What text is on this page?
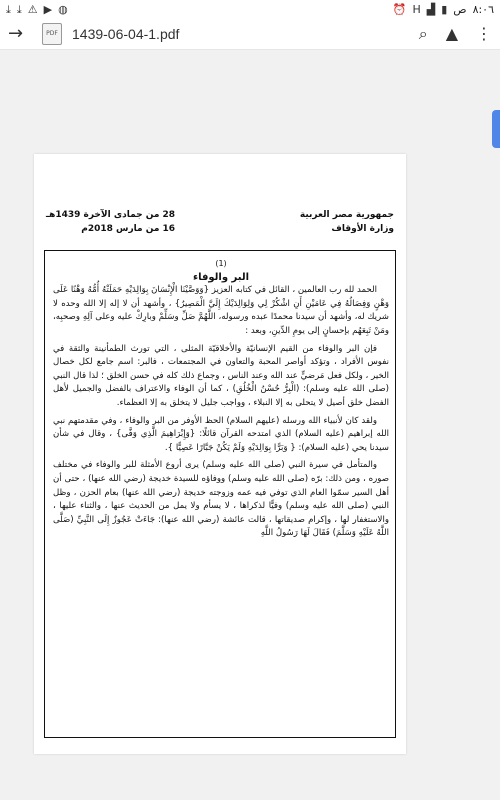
⤓ ⤓ ⚠ ▶ ◍	⏰ H ▟ ▮ ص ٨:٠٦
→	PDF 1439-06-04-1.pdf	⌕ ▲ ⋮
جمهورية مصر العربية
وزارة الأوقاف
28 من جمادى الآخرة 1439هـ
16 من مارس 2018م
(1)
البر والوفاء

الحمد لله رب العالمين ، القائل في كتابه العزيز {وَوَصَّيْنَا الْإِنْسَانَ بِوَالِدَيْهِ حَمَلَتْهُ أُمُّهُ وَهْنًا عَلَى وَهْنٍ وَفِصَالُهُ فِي عَامَيْنِ أَنِ اشْكُرْ لِي وَلِوَالِدَيْكَ إِلَيَّ الْمَصِيرُ} ، وأشهد أن لا إله إلا الله وحده لا شريك له، وأشهد أن سيدنا محمدًا عبده ورسوله، اللَّهُمَّ صَلِّ وسَلِّمْ وبارِكْ عليه وعلى آلِهِ وصحبِه، ومَنْ تَبِعَهُم بإحسانٍ إلى يومِ الدِّينِ، وبعد :

فإن البر والوفاء من القيم الإنسانيّة والأخلاقيّة المثلى ، التي تورث الطمأنينة والثقة في نفوس الأفراد ، وتؤكد أواصر المحبة والتعاون في المجتمعات ، فالبر: اسم جامع لكل خصال الخير ، ولكل فعل مَرضيٍّ عند الله وعند الناس ، وجماع ذلك كله في حسن الخلق ؛ لذا قال النبي (صلى الله عليه وسلم): (الْبِرُّ حُسْنُ الْخُلُقِ) ، كما أن الوفاء والاعتراف بالفضل والجميل لأهل الفضل خلق أصيل لا يتحلى به إلا النبلاء ، وواجب جليل لا يتخلق به إلا العظماء.

ولقد كان لأنبياء الله ورسله (عليهم السلام) الحظ الأوفر من البر والوفاء ، وفي مقدمتهم نبي الله إبراهيم (عليه السلام) الذي امتدحه القرآن قائلًا: {وَإِبْرَاهِيمَ الَّذِي وَفَّى} ، وقال في شأن سيدنا يحي (عليه السلام): { وَبَرًّا بِوَالِدَيْهِ وَلَمْ يَكُنْ جَبَّارًا عَصِيًّا }.

والمتأمل في سيرة النبي (صلى الله عليه وسلم) يرى أروع الأمثلة للبر والوفاء في مختلف صوره ، ومن ذلك: برّه (صلى الله عليه وسلم) ووفاؤه للسيدة خديجة (رضي الله عنها) ، حتى أن أهل السير سمّوا العام الذي توفي فيه عمه وزوجته خديجة (رضي الله عنها) بعام الحزن ، وظل النبي (صلى الله عليه وسلم) وفيًّا لذكراها ، لا يسأم ولا يمل من الحديث عنها ، والثناء عليها ، والاستغفار لها ، وإكرام صديقاتها ، قالت عائشة (رضي الله عنها): جَاءَتْ عَجُوزٌ إِلَى النَّبِيِّ (صَلَّى اللَّهُ عَلَيْهِ وَسَلَّمَ) فَقَالَ لَهَا رَسُولُ اللَّهِ
